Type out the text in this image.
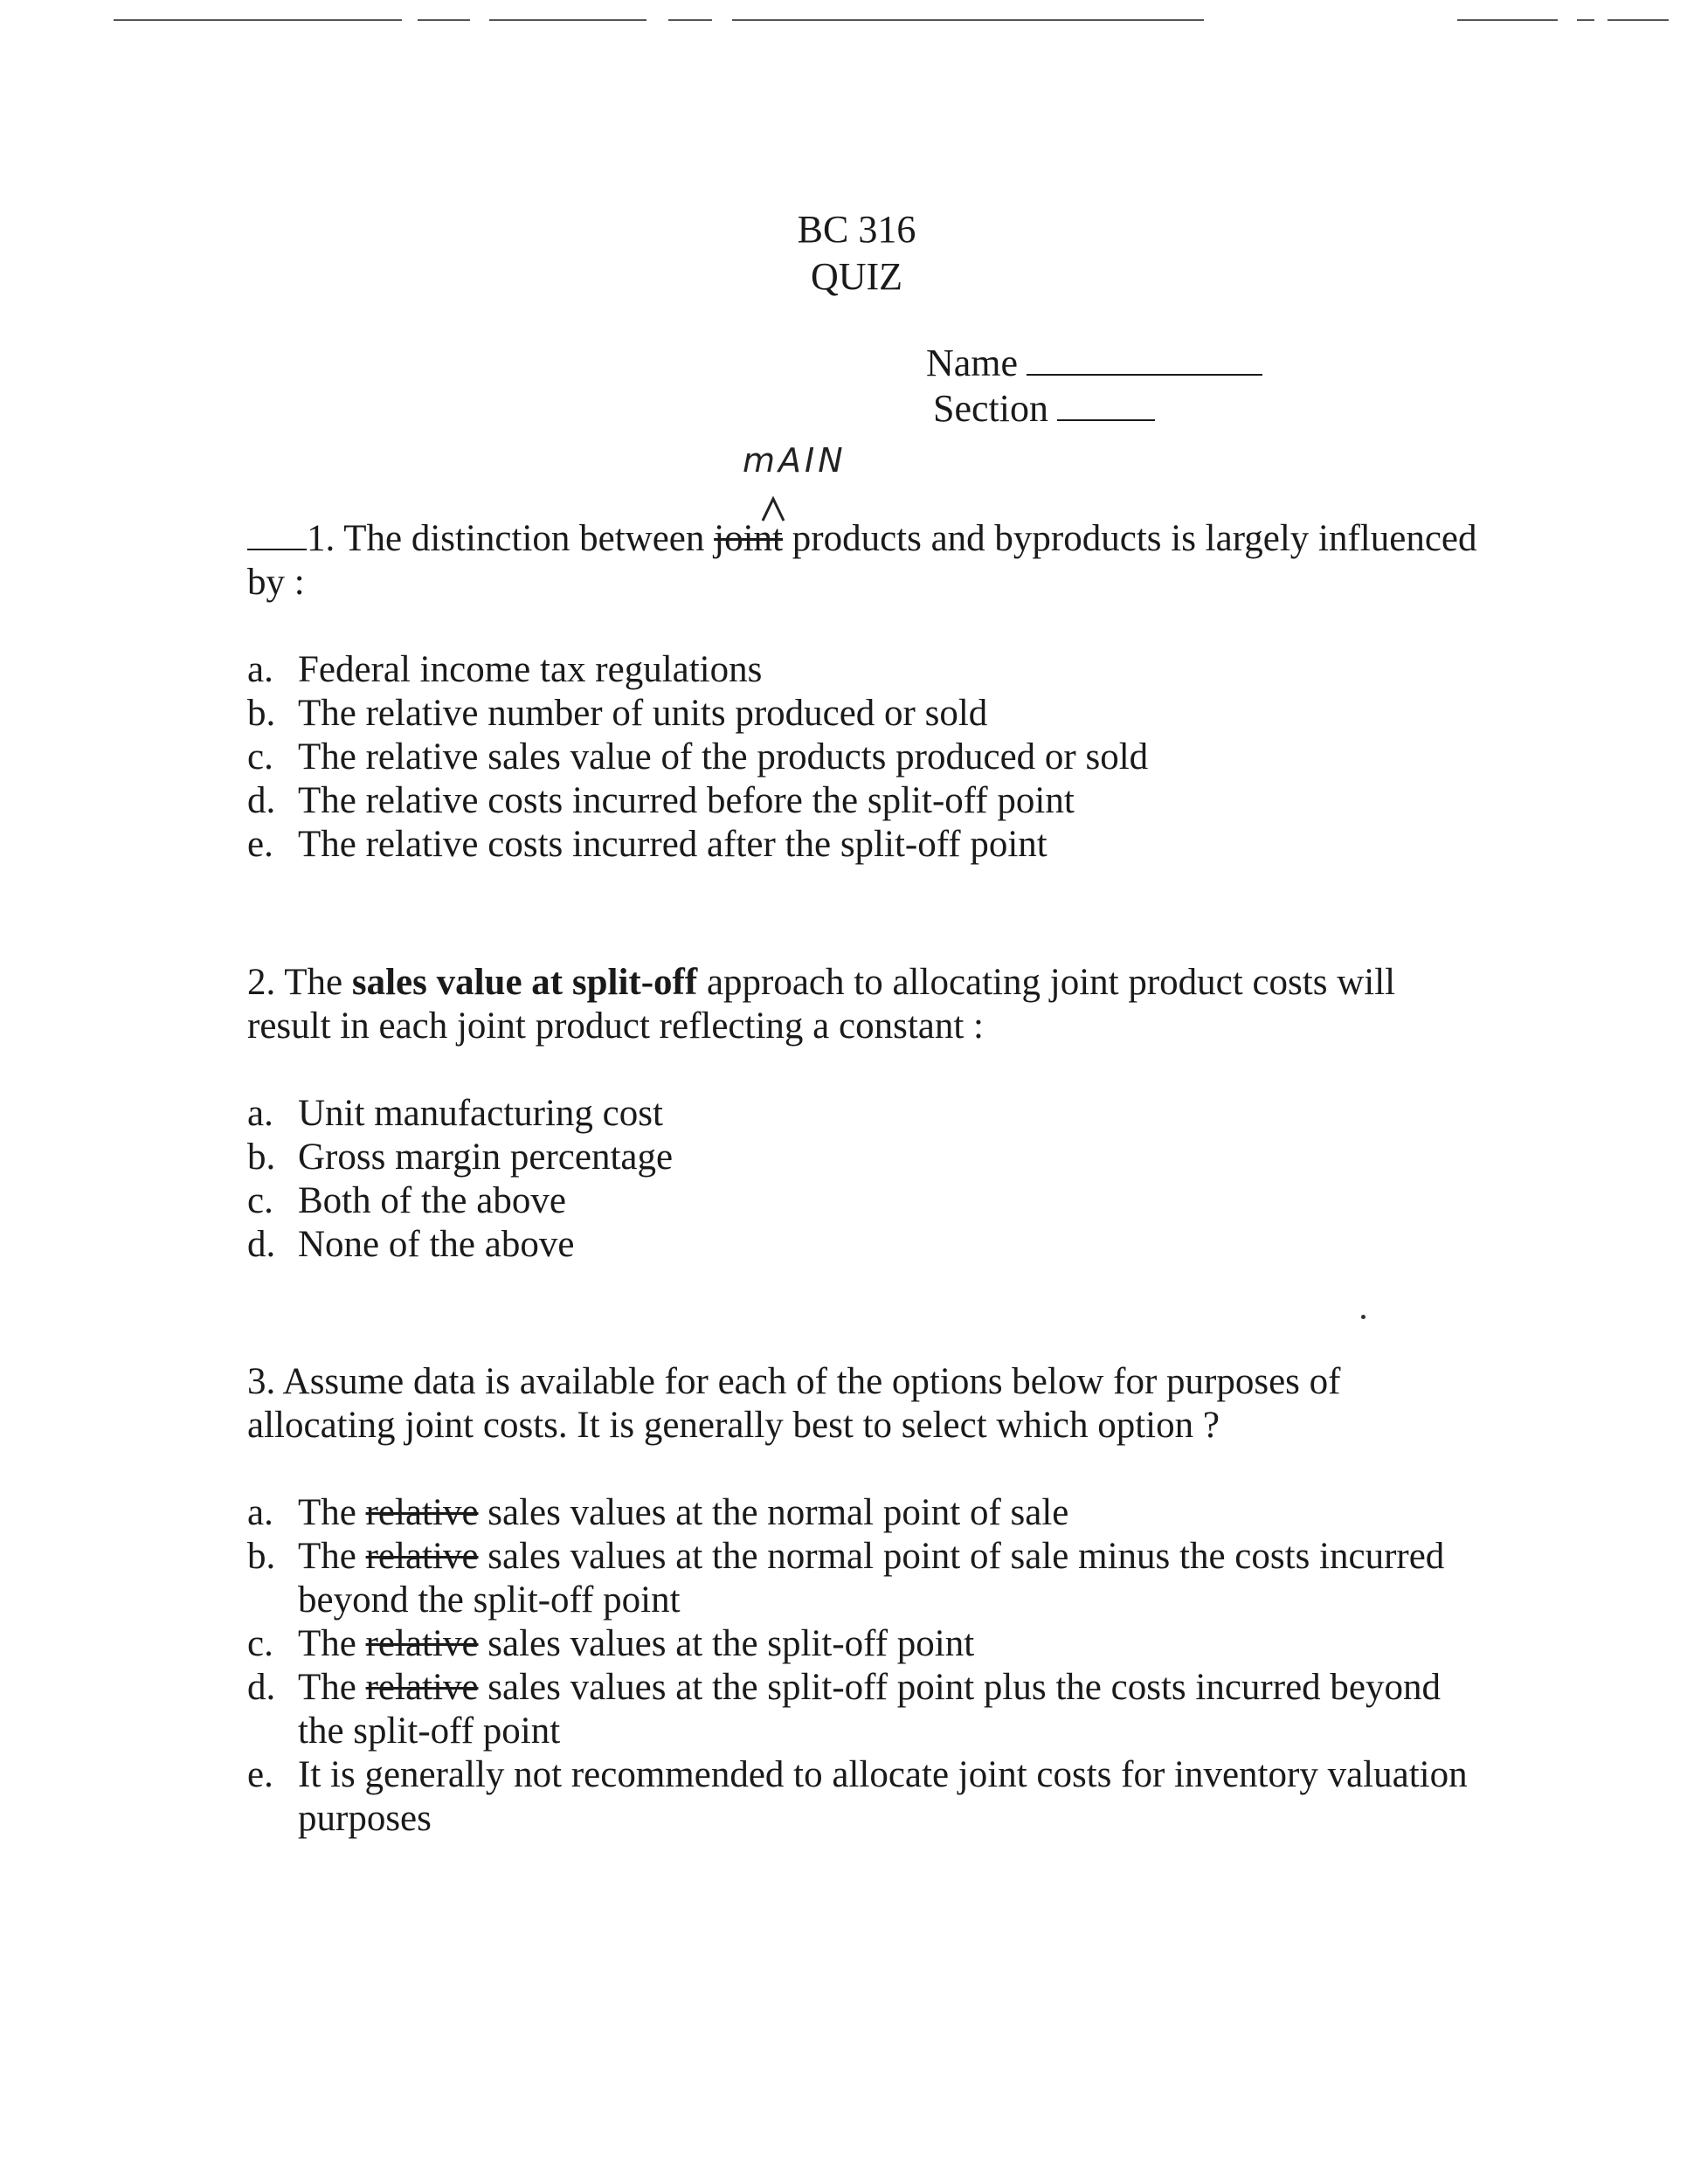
BC 316
QUIZ
Name
Section
mAIN

1. The distinction between joint products and byproducts is largely influenced by :

a. Federal income tax regulations
b. The relative number of units produced or sold
c. The relative sales value of the products produced or sold
d. The relative costs incurred before the split-off point
e. The relative costs incurred after the split-off point

2. The sales value at split-off approach to allocating joint product costs will result in each joint product reflecting a constant :

a. Unit manufacturing cost
b. Gross margin percentage
c. Both of the above
d. None of the above

3. Assume data is available for each of the options below for purposes of allocating joint costs. It is generally best to select which option ?

a. The relative sales values at the normal point of sale
b. The relative sales values at the normal point of sale minus the costs incurred beyond the split-off point
c. The relative sales values at the split-off point
d. The relative sales values at the split-off point plus the costs incurred beyond the split-off point
e. It is generally not recommended to allocate joint costs for inventory valuation purposes
